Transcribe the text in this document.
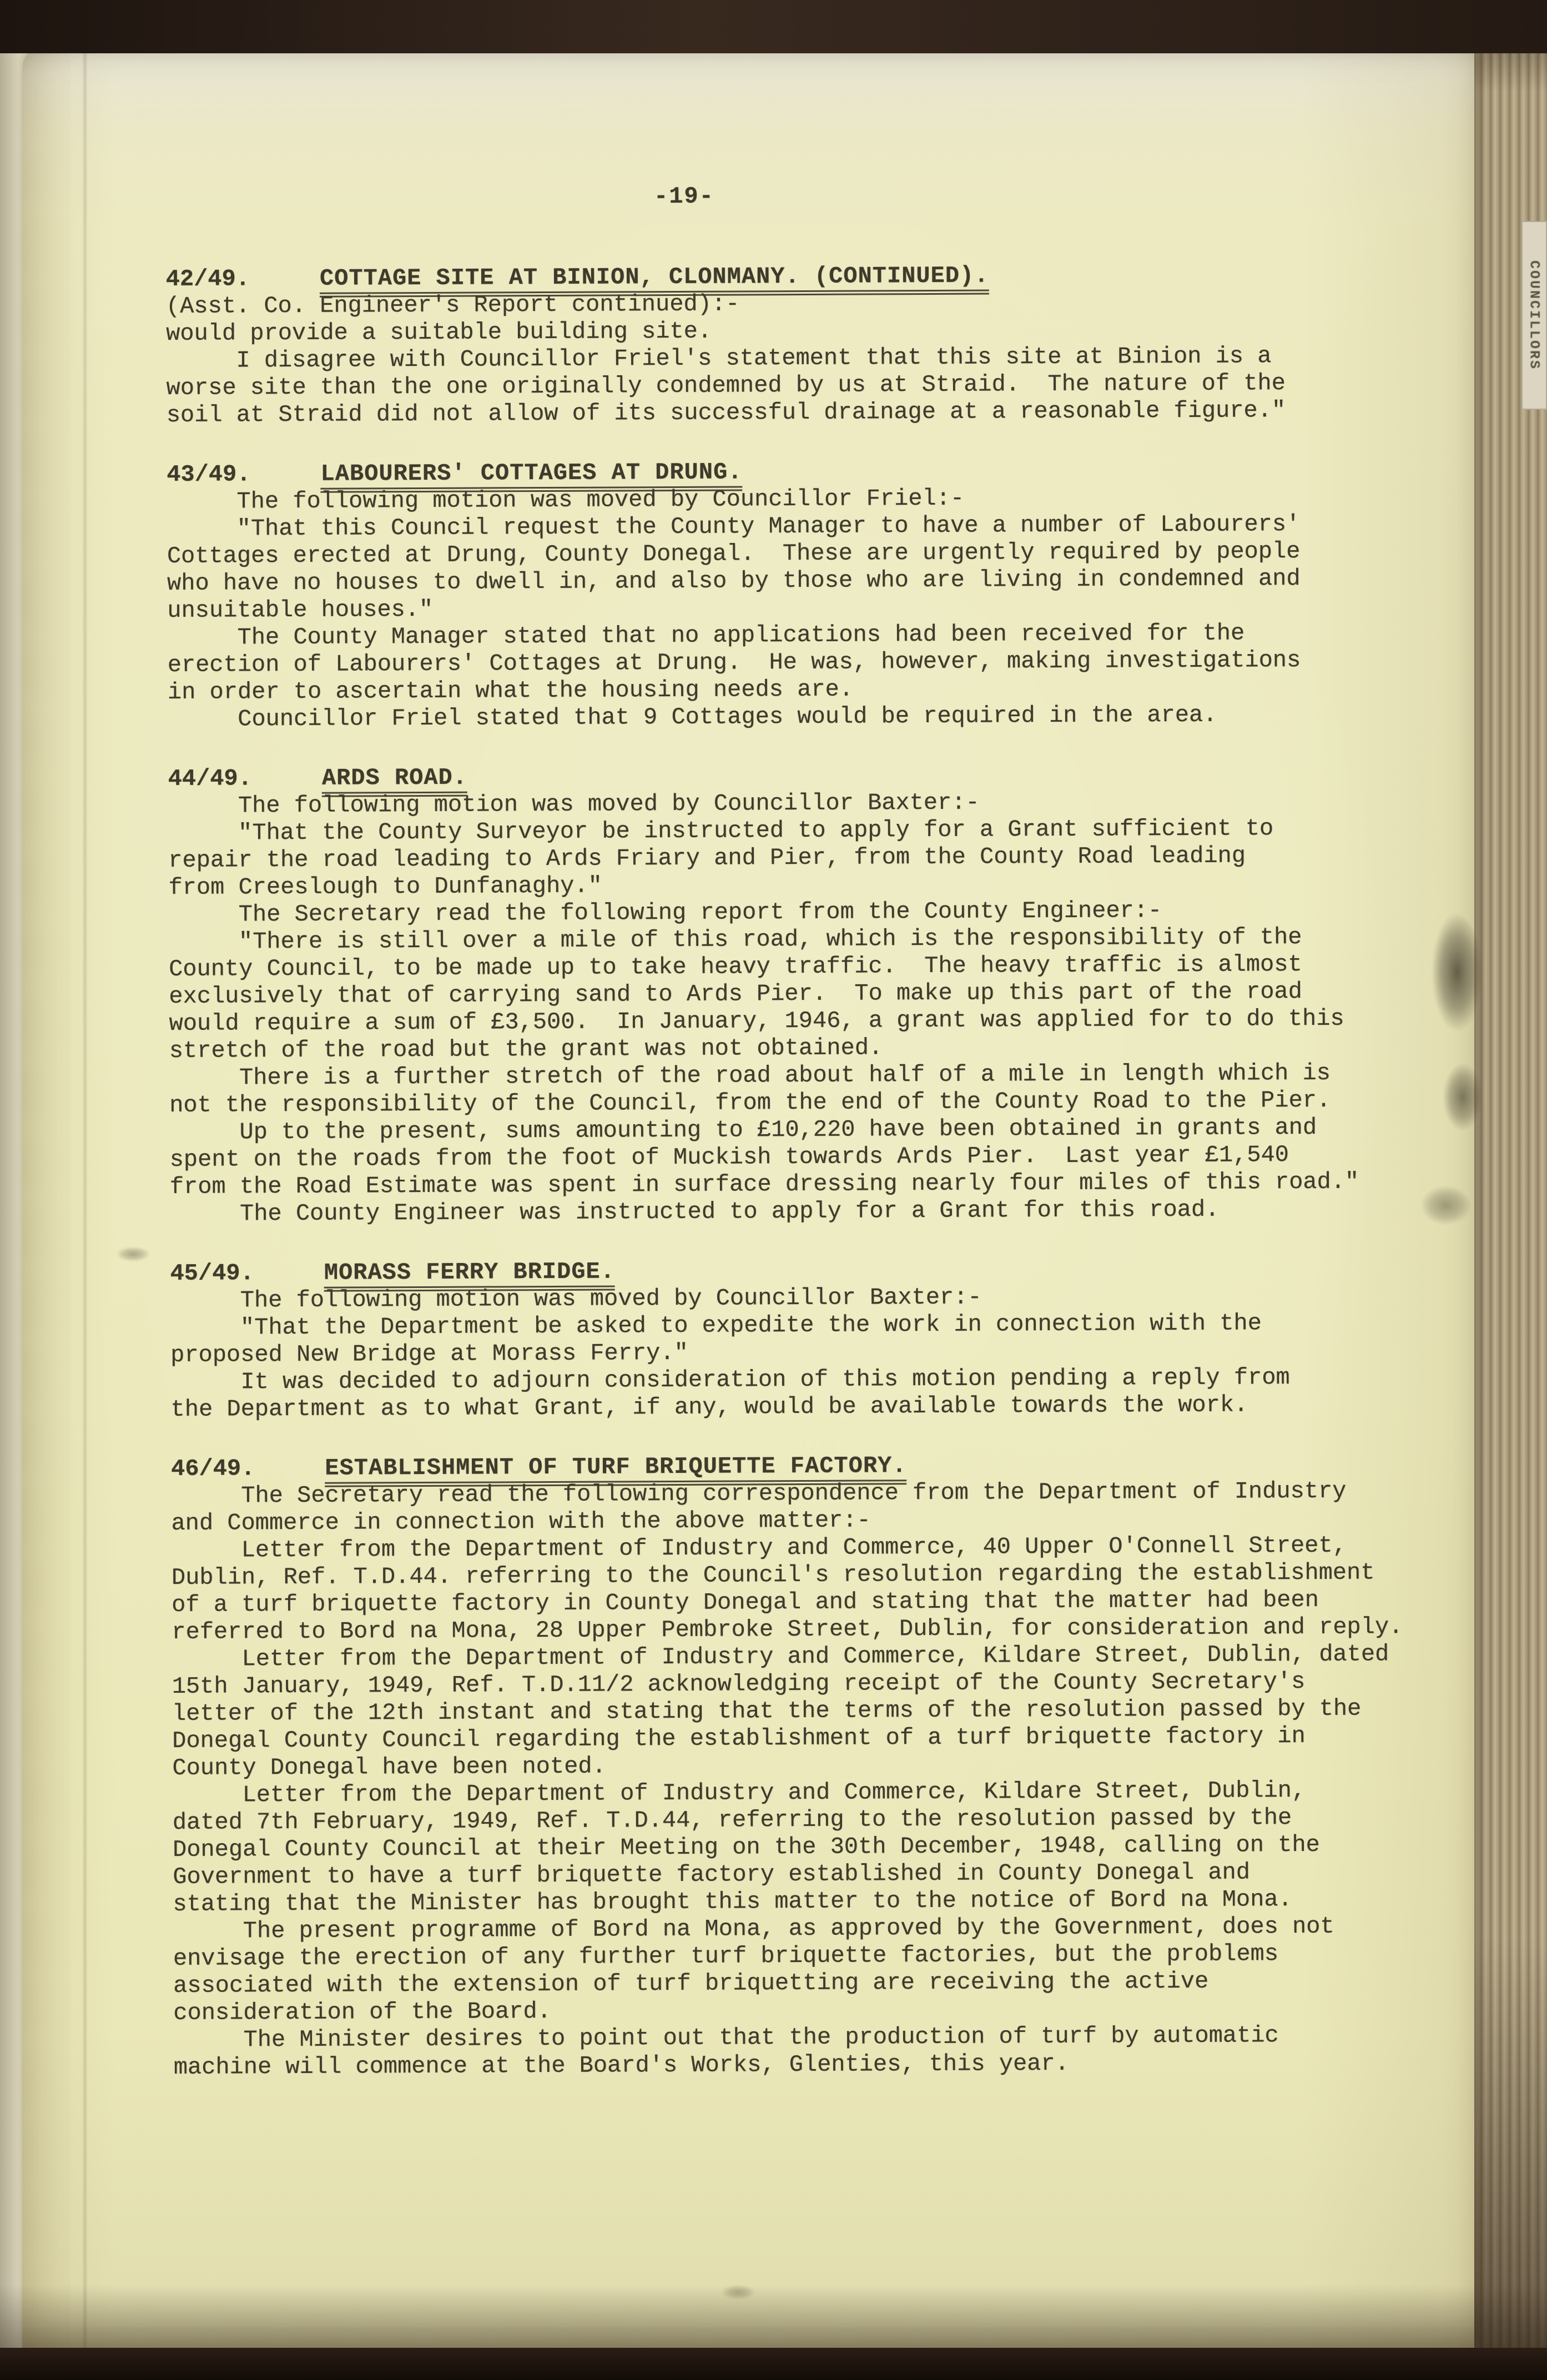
COUNCILLORS
-19-
42/49.	COTTAGE SITE AT BINION, CLONMANY. (CONTINUED).
(Asst. Co. Engineer's Report continued):-
would provide a suitable building site.
I disagree with Councillor Friel's statement that this site at Binion is a
worse site than the one originally condemned by us at Straid.  The nature of the
soil at Straid did not allow of its successful drainage at a reasonable figure."
43/49.	LABOURERS' COTTAGES AT DRUNG.
The following motion was moved by Councillor Friel:-
"That this Council request the County Manager to have a number of Labourers'
Cottages erected at Drung, County Donegal.  These are urgently required by people
who have no houses to dwell in, and also by those who are living in condemned and
unsuitable houses."
The County Manager stated that no applications had been received for the
erection of Labourers' Cottages at Drung.  He was, however, making investigations
in order to ascertain what the housing needs are.
Councillor Friel stated that 9 Cottages would be required in the area.
44/49.	ARDS ROAD.
The following motion was moved by Councillor Baxter:-
"That the County Surveyor be instructed to apply for a Grant sufficient to
repair the road leading to Ards Friary and Pier, from the County Road leading
from Creeslough to Dunfanaghy."
The Secretary read the following report from the County Engineer:-
"There is still over a mile of this road, which is the responsibility of the
County Council, to be made up to take heavy traffic.  The heavy traffic is almost
exclusively that of carrying sand to Ards Pier.  To make up this part of the road
would require a sum of £3,500.  In January, 1946, a grant was applied for to do this
stretch of the road but the grant was not obtained.
There is a further stretch of the road about half of a mile in length which is
not the responsibility of the Council, from the end of the County Road to the Pier.
Up to the present, sums amounting to £10,220 have been obtained in grants and
spent on the roads from the foot of Muckish towards Ards Pier.  Last year £1,540
from the Road Estimate was spent in surface dressing nearly four miles of this road."
The County Engineer was instructed to apply for a Grant for this road.
45/49.	MORASS FERRY BRIDGE.
The following motion was moved by Councillor Baxter:-
"That the Department be asked to expedite the work in connection with the
proposed New Bridge at Morass Ferry."
It was decided to adjourn consideration of this motion pending a reply from
the Department as to what Grant, if any, would be available towards the work.
46/49.	ESTABLISHMENT OF TURF BRIQUETTE FACTORY.
The Secretary read the following correspondence from the Department of Industry
and Commerce in connection with the above matter:-
Letter from the Department of Industry and Commerce, 40 Upper O'Connell Street,
Dublin, Ref. T.D.44. referring to the Council's resolution regarding the establishment
of a turf briquette factory in County Donegal and stating that the matter had been
referred to Bord na Mona, 28 Upper Pembroke Street, Dublin, for consideration and reply.
Letter from the Department of Industry and Commerce, Kildare Street, Dublin, dated
15th January, 1949, Ref. T.D.11/2 acknowledging receipt of the County Secretary's
letter of the 12th instant and stating that the terms of the resolution passed by the
Donegal County Council regarding the establishment of a turf briquette factory in
County Donegal have been noted.
Letter from the Department of Industry and Commerce, Kildare Street, Dublin,
dated 7th February, 1949, Ref. T.D.44, referring to the resolution passed by the
Donegal County Council at their Meeting on the 30th December, 1948, calling on the
Government to have a turf briquette factory established in County Donegal and
stating that the Minister has brought this matter to the notice of Bord na Mona.
The present programme of Bord na Mona, as approved by the Government, does not
envisage the erection of any further turf briquette factories, but the problems
associated with the extension of turf briquetting are receiving the active
consideration of the Board.
The Minister desires to point out that the production of turf by automatic
machine will commence at the Board's Works, Glenties, this year.
